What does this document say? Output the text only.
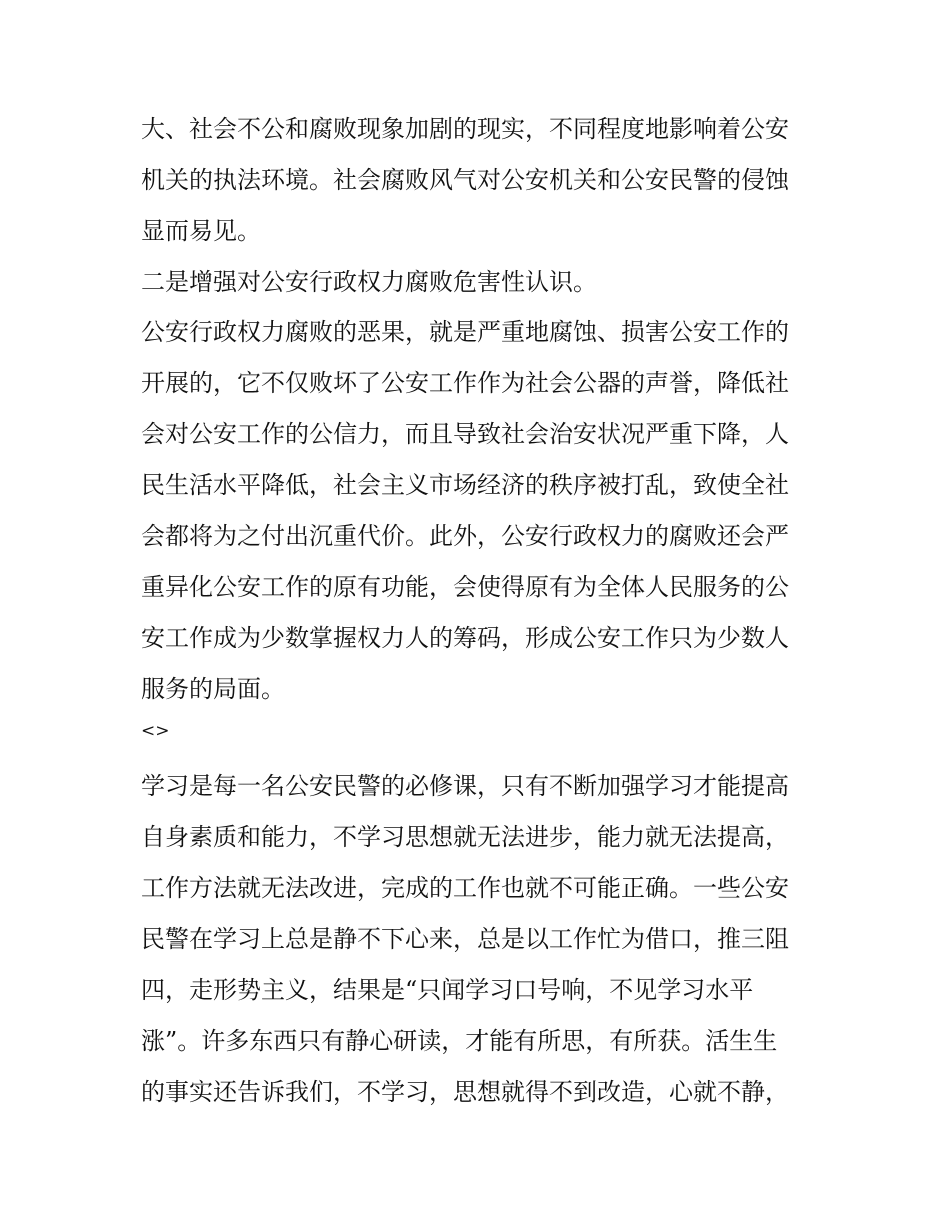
大、社会不公和腐败现象加剧的现实，不同程度地影响着公安
机关的执法环境。社会腐败风气对公安机关和公安民警的侵蚀
显而易见。

二是增强对公安行政权力腐败危害性认识。

公安行政权力腐败的恶果，就是严重地腐蚀、损害公安工作的
开展的，它不仅败坏了公安工作作为社会公器的声誉，降低社
会对公安工作的公信力，而且导致社会治安状况严重下降，人
民生活水平降低，社会主义市场经济的秩序被打乱，致使全社
会都将为之付出沉重代价。此外，公安行政权力的腐败还会严
重异化公安工作的原有功能，会使得原有为全体人民服务的公
安工作成为少数掌握权力人的筹码，形成公安工作只为少数人
服务的局面。

<>

学习是每一名公安民警的必修课，只有不断加强学习才能提高
自身素质和能力，不学习思想就无法进步，能力就无法提高，
工作方法就无法改进，完成的工作也就不可能正确。一些公安
民警在学习上总是静不下心来，总是以工作忙为借口，推三阻
四，走形势主义，结果是“只闻学习口号响，不见学习水平
涨”。许多东西只有静心研读，才能有所思，有所获。活生生
的事实还告诉我们，不学习，思想就得不到改造，心就不静，
